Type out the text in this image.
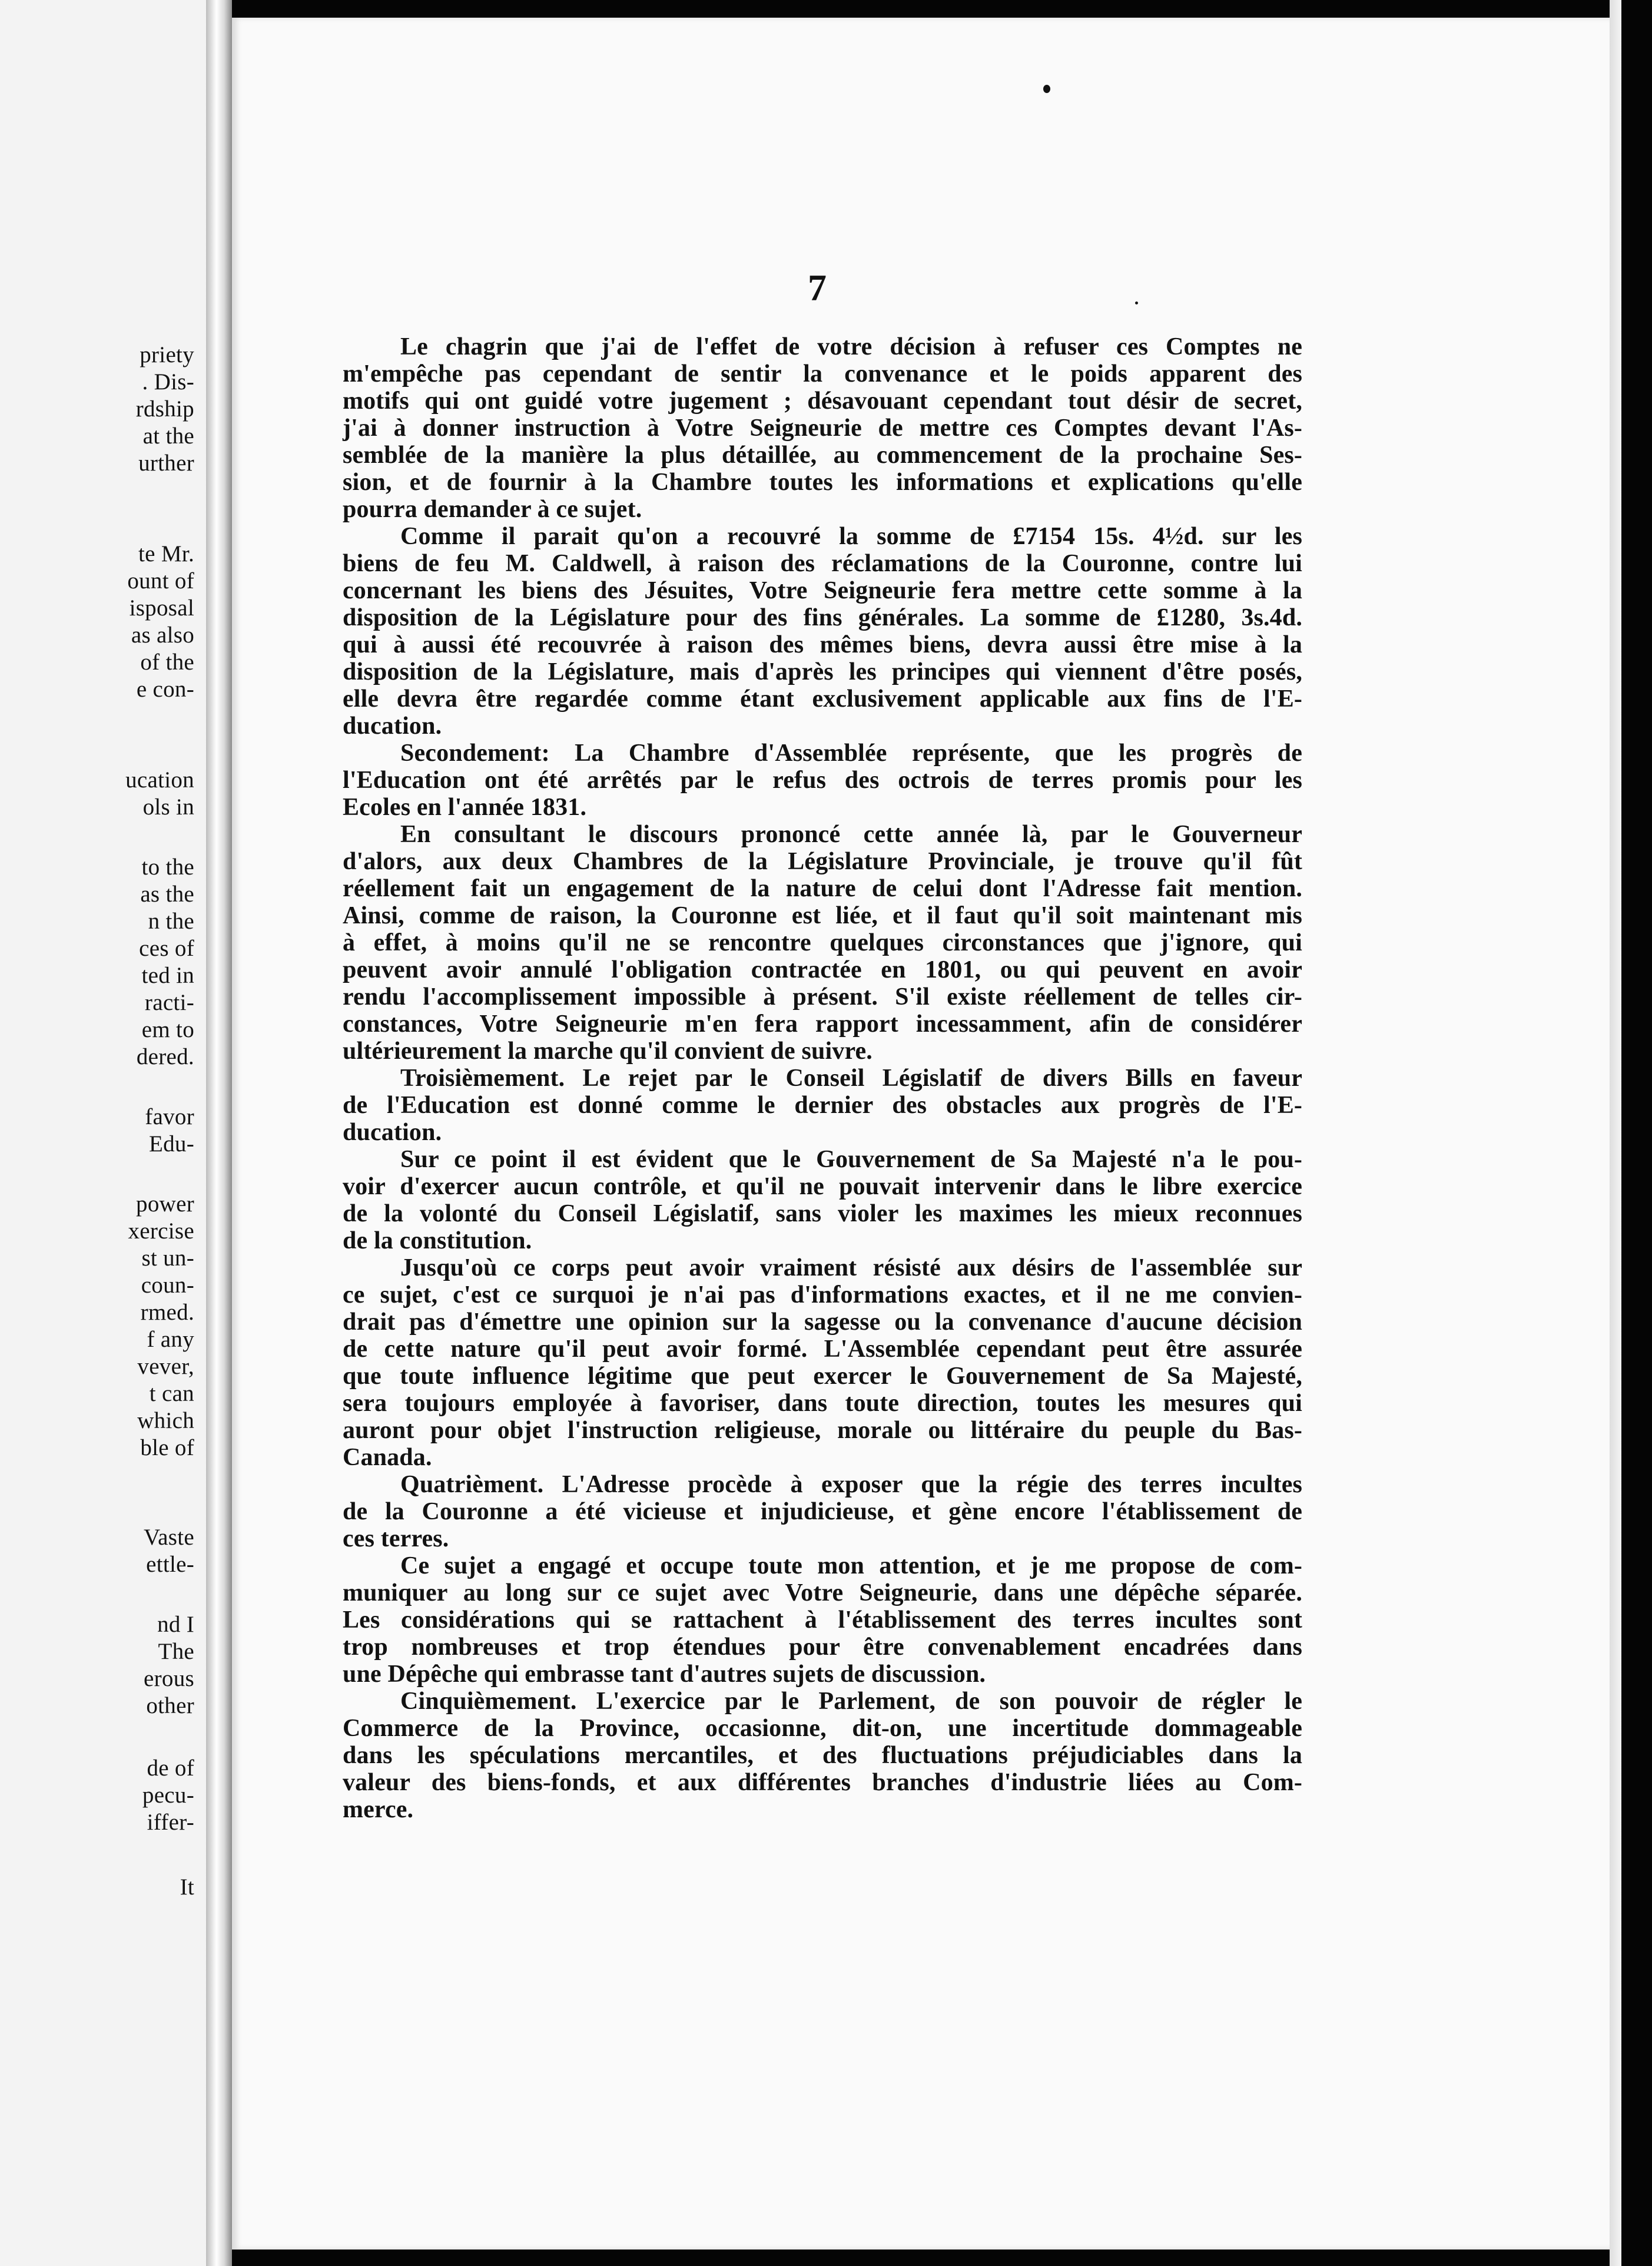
priety
. Dis-
rdship
at the
urther
te Mr.
ount of
isposal
as also
of the
e con-
ucation
ols in
to the
as the
n the
ces of
ted in
racti-
em to
dered.
favor
Edu-
power
xercise
st un-
coun-
rmed.
f any
vever,
t can
which
ble of
Vaste
ettle-
nd I
The
erous
other
de of
pecu-
iffer-
It
7
Le chagrin que j'ai de l'effet de votre décision à refuser ces Comptes ne
m'empêche pas cependant de sentir la convenance et le poids apparent des
motifs qui ont guidé votre jugement ; désavouant cependant tout désir de secret,
j'ai à donner instruction à Votre Seigneurie de mettre ces Comptes devant l'As-
semblée de la manière la plus détaillée, au commencement de la prochaine Ses-
sion, et de fournir à la Chambre toutes les informations et explications qu'elle
pourra demander à ce sujet.
Comme il parait qu'on a recouvré la somme de £7154 15s. 4½d. sur les
biens de feu M. Caldwell, à raison des réclamations de la Couronne, contre lui
concernant les biens des Jésuites, Votre Seigneurie fera mettre cette somme à la
disposition de la Législature pour des fins générales. La somme de £1280, 3s.4d.
qui à aussi été recouvrée à raison des mêmes biens, devra aussi être mise à la
disposition de la Législature, mais d'après les principes qui viennent d'être posés,
elle devra être regardée comme étant exclusivement applicable aux fins de l'E-
ducation.
Secondement: La Chambre d'Assemblée représente, que les progrès de
l'Education ont été arrêtés par le refus des octrois de terres promis pour les
Ecoles en l'année 1831.
En consultant le discours prononcé cette année là, par le Gouverneur
d'alors, aux deux Chambres de la Législature Provinciale, je trouve qu'il fût
réellement fait un engagement de la nature de celui dont l'Adresse fait mention.
Ainsi, comme de raison, la Couronne est liée, et il faut qu'il soit maintenant mis
à effet, à moins qu'il ne se rencontre quelques circonstances que j'ignore, qui
peuvent avoir annulé l'obligation contractée en 1801, ou qui peuvent en avoir
rendu l'accomplissement impossible à présent. S'il existe réellement de telles cir-
constances, Votre Seigneurie m'en fera rapport incessamment, afin de considérer
ultérieurement la marche qu'il convient de suivre.
Troisièmement. Le rejet par le Conseil Législatif de divers Bills en faveur
de l'Education est donné comme le dernier des obstacles aux progrès de l'E-
ducation.
Sur ce point il est évident que le Gouvernement de Sa Majesté n'a le pou-
voir d'exercer aucun contrôle, et qu'il ne pouvait intervenir dans le libre exercice
de la volonté du Conseil Législatif, sans violer les maximes les mieux reconnues
de la constitution.
Jusqu'où ce corps peut avoir vraiment résisté aux désirs de l'assemblée sur
ce sujet, c'est ce surquoi je n'ai pas d'informations exactes, et il ne me convien-
drait pas d'émettre une opinion sur la sagesse ou la convenance d'aucune décision
de cette nature qu'il peut avoir formé. L'Assemblée cependant peut être assurée
que toute influence légitime que peut exercer le Gouvernement de Sa Majesté,
sera toujours employée à favoriser, dans toute direction, toutes les mesures qui
auront pour objet l'instruction religieuse, morale ou littéraire du peuple du Bas-
Canada.
Quatrièment. L'Adresse procède à exposer que la régie des terres incultes
de la Couronne a été vicieuse et injudicieuse, et gène encore l'établissement de
ces terres.
Ce sujet a engagé et occupe toute mon attention, et je me propose de com-
muniquer au long sur ce sujet avec Votre Seigneurie, dans une dépêche séparée.
Les considérations qui se rattachent à l'établissement des terres incultes sont
trop nombreuses et trop étendues pour être convenablement encadrées dans
une Dépêche qui embrasse tant d'autres sujets de discussion.
Cinquièmement. L'exercice par le Parlement, de son pouvoir de régler le
Commerce de la Province, occasionne, dit-on, une incertitude dommageable
dans les spéculations mercantiles, et des fluctuations préjudiciables dans la
valeur des biens-fonds, et aux différentes branches d'industrie liées au Com-
merce.
